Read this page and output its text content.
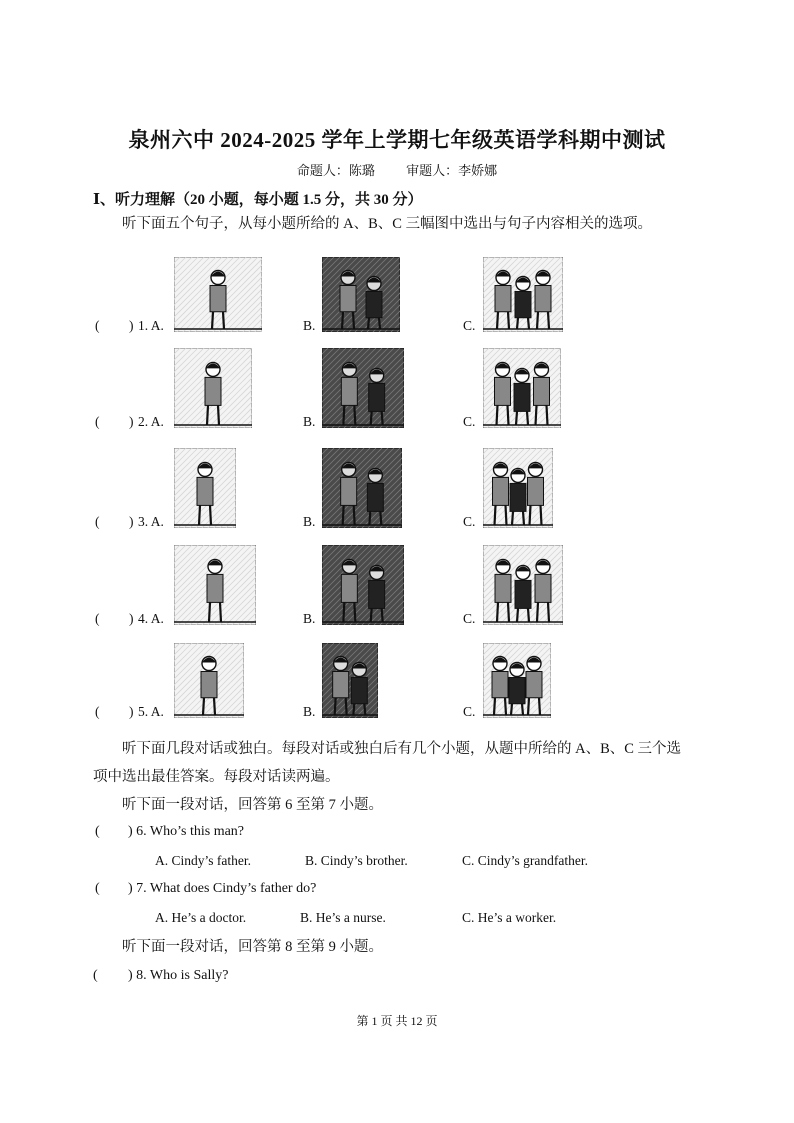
泉州六中 2024-2025 学年上学期七年级英语学科期中测试
命题人：陈璐 审题人：李娇娜
Ⅰ、听力理解（20 小题，每小题 1.5 分，共 30 分）
听下面五个句子，从每小题所给的 A、B、C 三幅图中选出与句子内容相关的选项。
( ) 1. A.	B.	C.
( ) 2. A.	B.	C.
( ) 3. A.	B.	C.
( ) 4. A.	B.	C.
( ) 5. A.	B.	C.
听下面几段对话或独白。每段对话或独白后有几个小题，从题中所给的 A、B、C 三个选
项中选出最佳答案。每段对话读两遍。
听下面一段对话，回答第 6 至第 7 小题。
( ) 6. Who’s this man?
A. Cindy’s father.	B. Cindy’s brother.	C. Cindy’s grandfather.
( ) 7. What does Cindy’s father do?
A. He’s a doctor.	B. He’s a nurse.	C. He’s a worker.
听下面一段对话，回答第 8 至第 9 小题。
( ) 8. Who is Sally?
第 1 页 共 12 页
